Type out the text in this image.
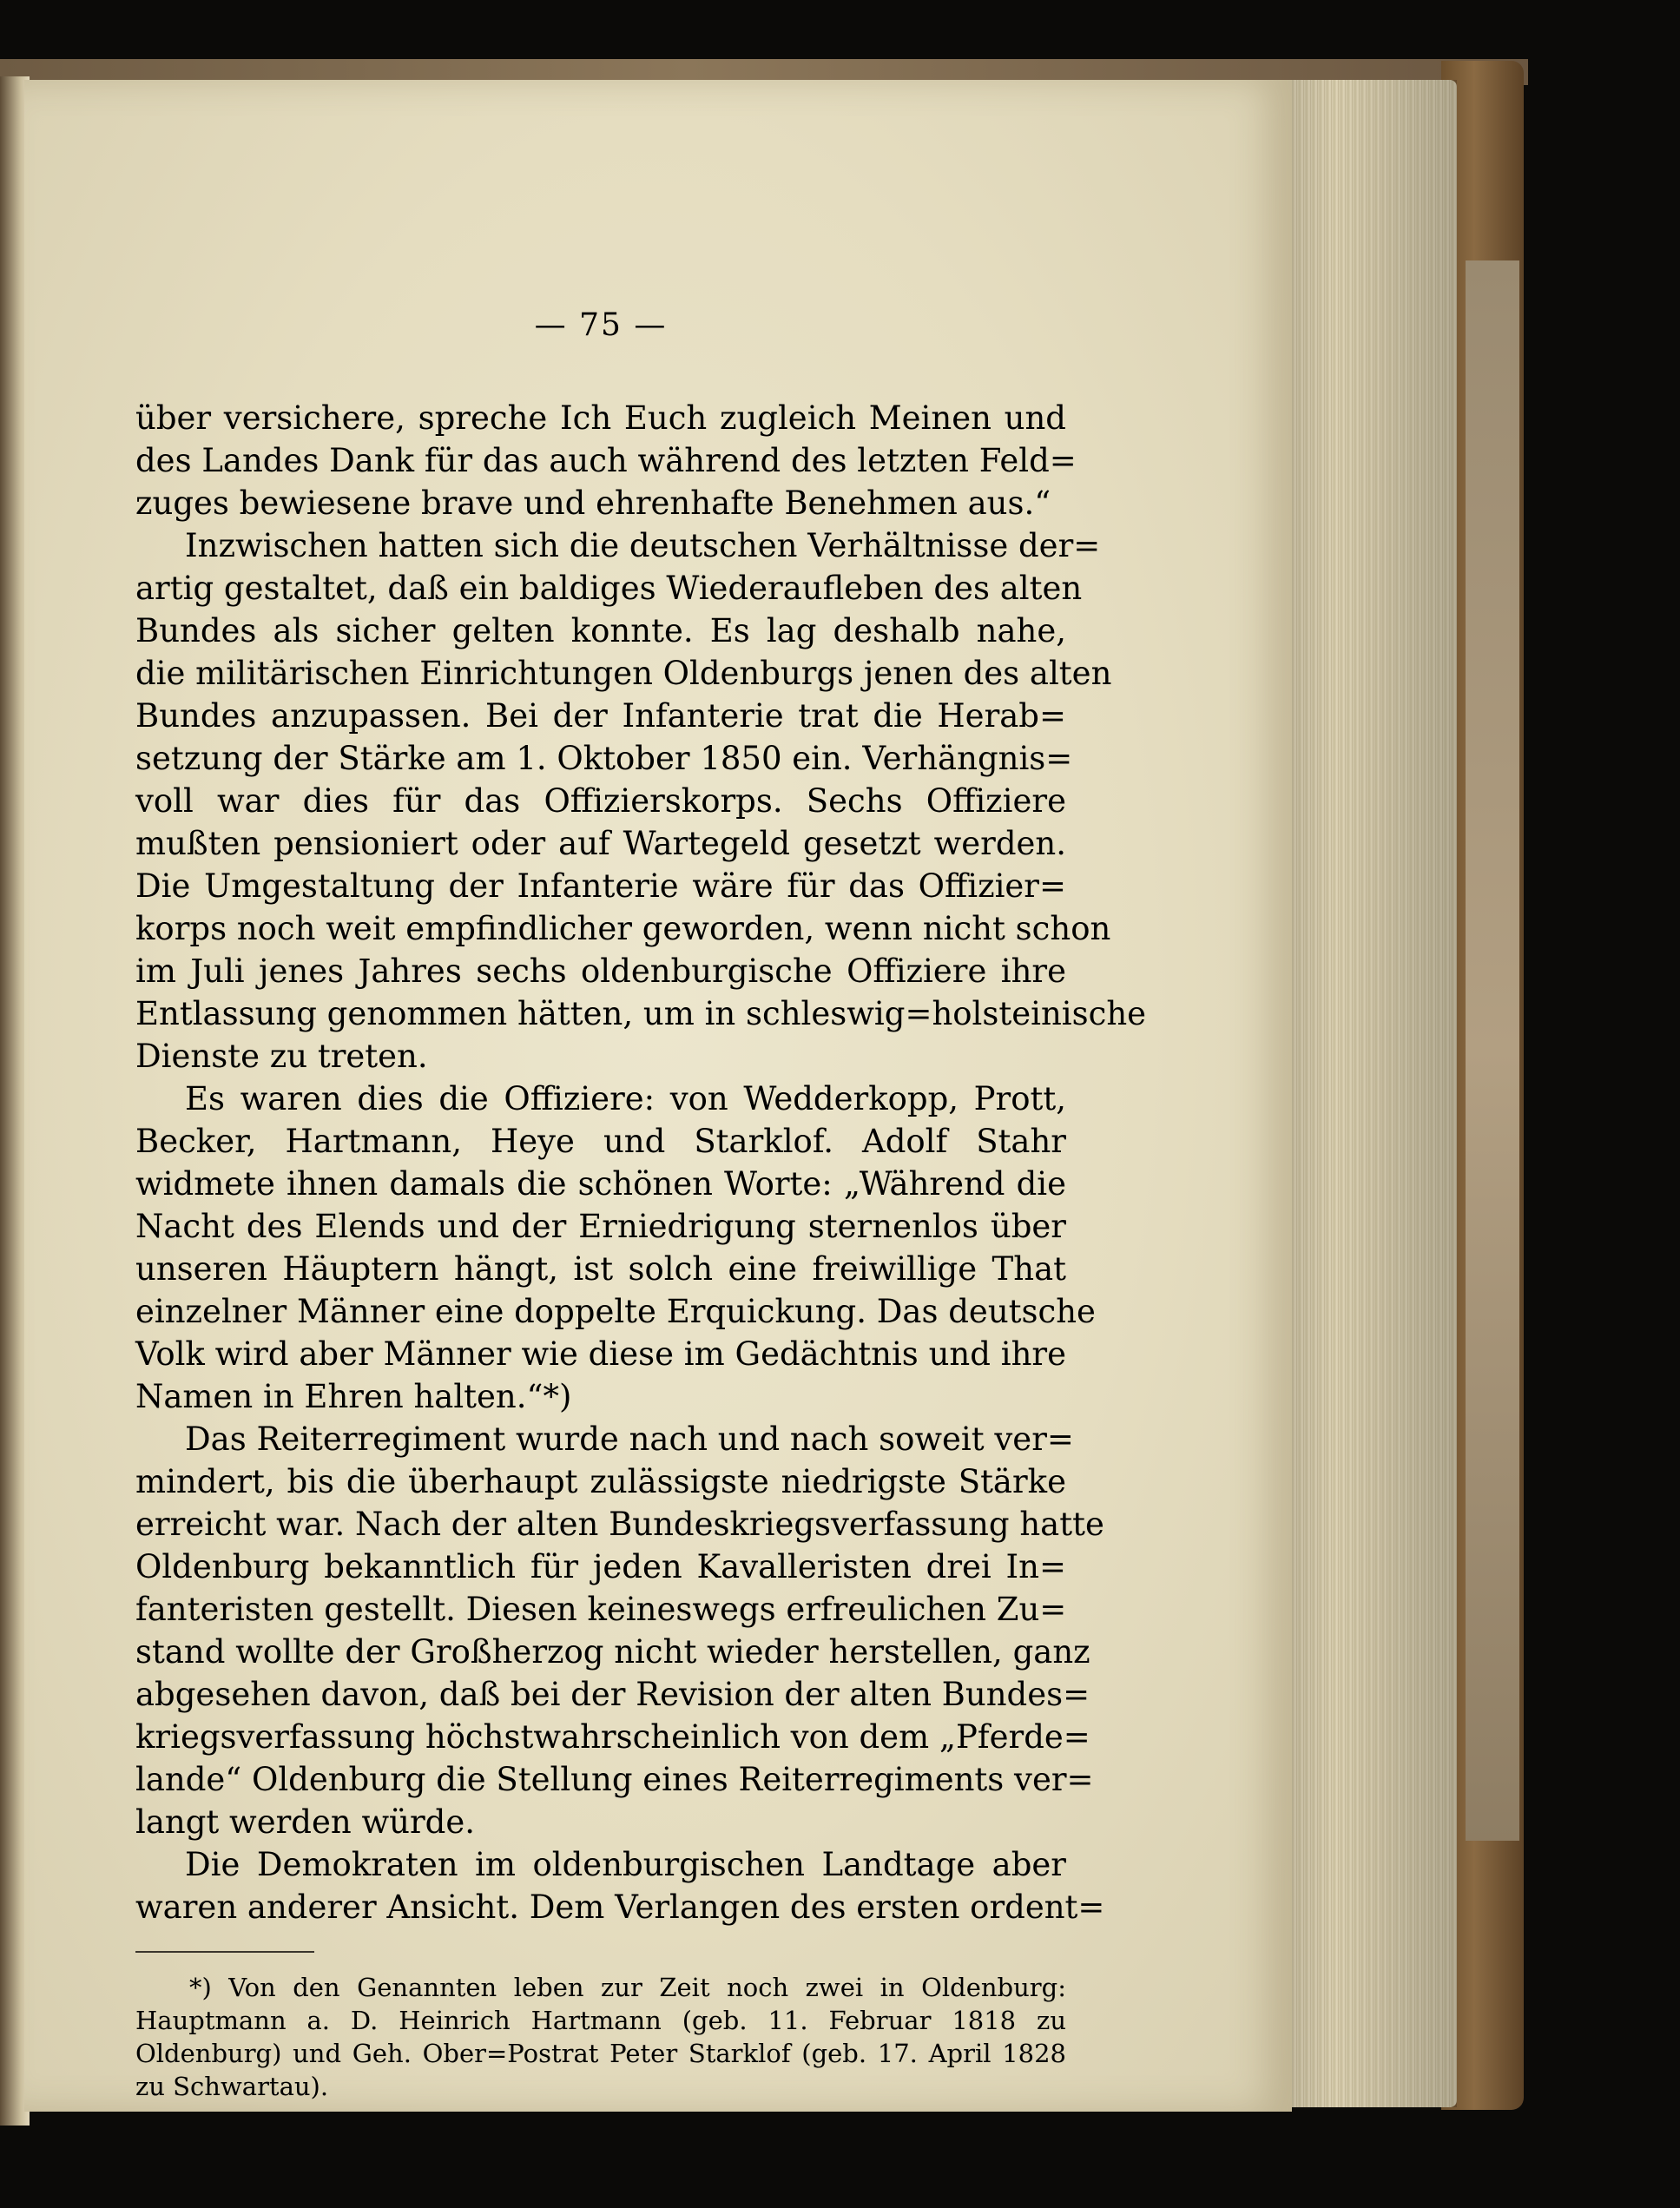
— 75 —
über versichere, spreche Ich Euch zugleich Meinen und
des Landes Dank für das auch während des letzten Feld=
zuges bewiesene brave und ehrenhafte Benehmen aus.“
Inzwischen hatten sich die deutschen Verhältnisse der=
artig gestaltet, daß ein baldiges Wiederaufleben des alten
Bundes als sicher gelten konnte. Es lag deshalb nahe,
die militärischen Einrichtungen Oldenburgs jenen des alten
Bundes anzupassen. Bei der Infanterie trat die Herab=
setzung der Stärke am 1. Oktober 1850 ein. Verhängnis=
voll war dies für das Offizierskorps. Sechs Offiziere
mußten pensioniert oder auf Wartegeld gesetzt werden.
Die Umgestaltung der Infanterie wäre für das Offizier=
korps noch weit empfindlicher geworden, wenn nicht schon
im Juli jenes Jahres sechs oldenburgische Offiziere ihre
Entlassung genommen hätten, um in schleswig=holsteinische
Dienste zu treten.
Es waren dies die Offiziere: von Wedderkopp, Prott,
Becker, Hartmann, Heye und Starklof. Adolf Stahr
widmete ihnen damals die schönen Worte: „Während die
Nacht des Elends und der Erniedrigung sternenlos über
unseren Häuptern hängt, ist solch eine freiwillige That
einzelner Männer eine doppelte Erquickung. Das deutsche
Volk wird aber Männer wie diese im Gedächtnis und ihre
Namen in Ehren halten.“*)
Das Reiterregiment wurde nach und nach soweit ver=
mindert, bis die überhaupt zulässigste niedrigste Stärke
erreicht war. Nach der alten Bundeskriegsverfassung hatte
Oldenburg bekanntlich für jeden Kavalleristen drei In=
fanteristen gestellt. Diesen keineswegs erfreulichen Zu=
stand wollte der Großherzog nicht wieder herstellen, ganz
abgesehen davon, daß bei der Revision der alten Bundes=
kriegsverfassung höchstwahrscheinlich von dem „Pferde=
lande“ Oldenburg die Stellung eines Reiterregiments ver=
langt werden würde.
Die Demokraten im oldenburgischen Landtage aber
waren anderer Ansicht. Dem Verlangen des ersten ordent=
*) Von den Genannten leben zur Zeit noch zwei in Oldenburg:
Hauptmann a. D. Heinrich Hartmann (geb. 11. Februar 1818 zu
Oldenburg) und Geh. Ober=Postrat Peter Starklof (geb. 17. April 1828
zu Schwartau).
